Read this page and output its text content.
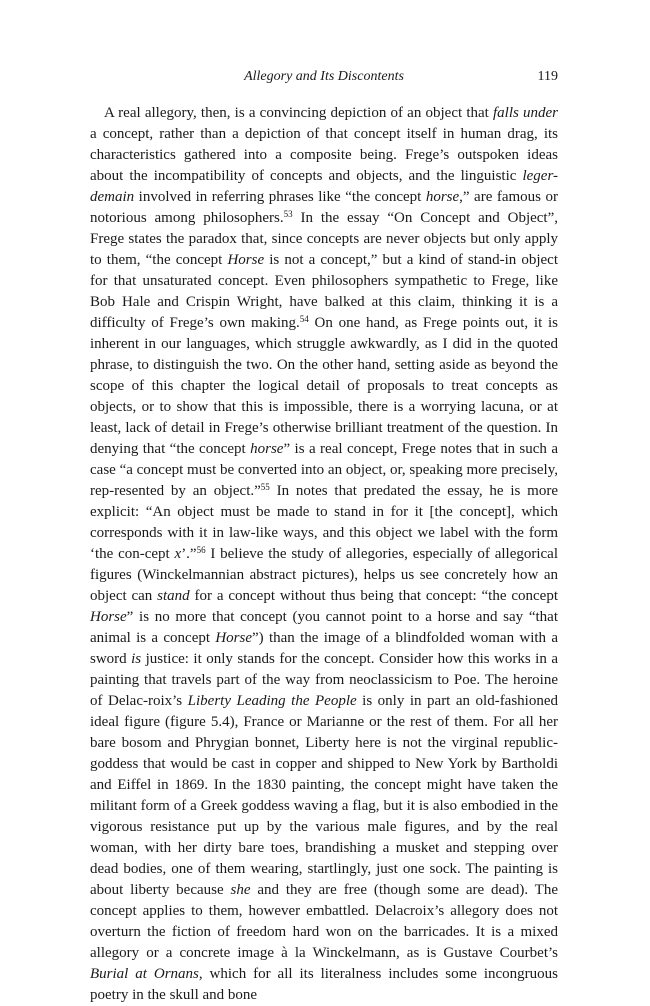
Allegory and Its Discontents	119

A real allegory, then, is a convincing depiction of an object that falls under a concept, rather than a depiction of that concept itself in human drag, its characteristics gathered into a composite being. Frege’s outspoken ideas about the incompatibility of concepts and objects, and the linguistic leger-demain involved in referring phrases like “the concept horse,” are famous or notorious among philosophers.$^{53}$ In the essay “On Concept and Object”, Frege states the paradox that, since concepts are never objects but only apply to them, “the concept Horse is not a concept,” but a kind of stand-in object for that unsaturated concept. Even philosophers sympathetic to Frege, like Bob Hale and Crispin Wright, have balked at this claim, thinking it is a difficulty of Frege’s own making.$^{54}$ On one hand, as Frege points out, it is inherent in our languages, which struggle awkwardly, as I did in the quoted phrase, to distinguish the two. On the other hand, setting aside as beyond the scope of this chapter the logical detail of proposals to treat concepts as objects, or to show that this is impossible, there is a worrying lacuna, or at least, lack of detail in Frege’s otherwise brilliant treatment of the question. In denying that “the concept horse” is a real concept, Frege notes that in such a case “a concept must be converted into an object, or, speaking more precisely, rep-resented by an object.”$^{55}$ In notes that predated the essay, he is more explicit: “An object must be made to stand in for it [the concept], which corresponds with it in law-like ways, and this object we label with the form ‘the con-cept x’.”$^{56}$ I believe the study of allegories, especially of allegorical figures (Winckelmannian abstract pictures), helps us see concretely how an object can stand for a concept without thus being that concept: “the concept Horse” is no more that concept (you cannot point to a horse and say “that animal is a concept Horse”) than the image of a blindfolded woman with a sword is justice: it only stands for the concept. Consider how this works in a painting that travels part of the way from neoclassicism to Poe. The heroine of Delac-roix’s Liberty Leading the People is only in part an old-fashioned ideal figure (figure 5.4), France or Marianne or the rest of them. For all her bare bosom and Phrygian bonnet, Liberty here is not the virginal republic-goddess that would be cast in copper and shipped to New York by Bartholdi and Eiffel in 1869. In the 1830 painting, the concept might have taken the militant form of a Greek goddess waving a flag, but it is also embodied in the vigorous resistance put up by the various male figures, and by the real woman, with her dirty bare toes, brandishing a musket and stepping over dead bodies, one of them wearing, startlingly, just one sock. The painting is about liberty because she and they are free (though some are dead). The concept applies to them, however embattled. Delacroix’s allegory does not overturn the fiction of freedom hard won on the barricades. It is a mixed allegory or a concrete image à la Winckelmann, as is Gustave Courbet’s Burial at Ornans, which for all its literalness includes some incongruous poetry in the skull and bone
